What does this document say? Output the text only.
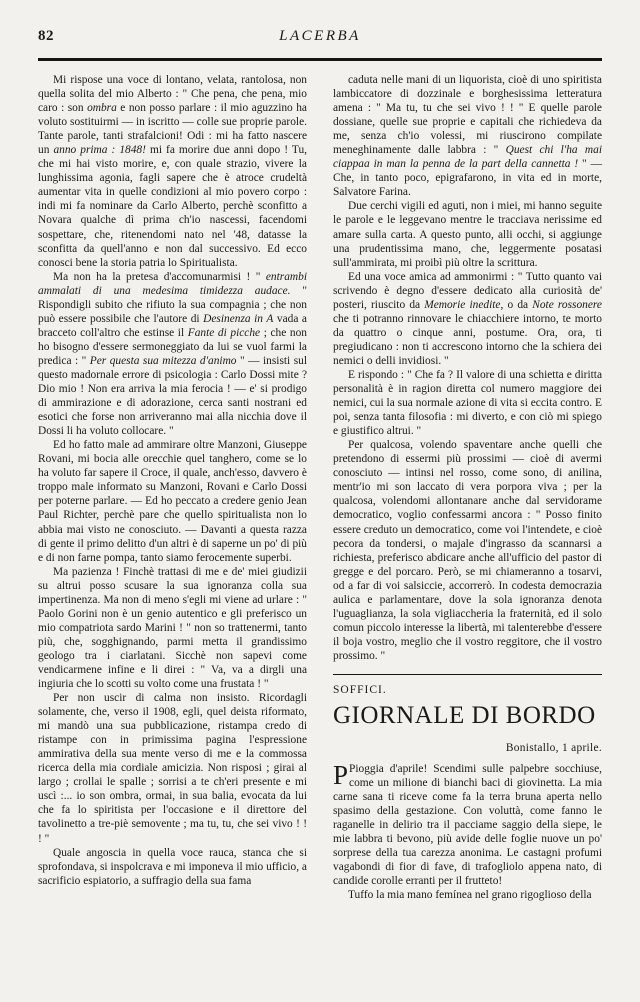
82	LACERBA

Mi rispose una voce di lontano, velata, rantolosa, non quella solita del mio Alberto : " Che pena, che pena, mio caro : son ombra e non posso parlare : il mio aguzzino ha voluto sostituirmi — in iscritto — colle sue proprie parole. Tante parole, tanti strafalcioni! Odi : mi ha fatto nascere un anno prima : 1848! mi fa morire due anni dopo ! Tu, che mi hai visto morire, e, con quale strazio, vivere la lunghissima agonia, fagli sapere che è atroce crudeltà aumentar vita in quelle condizioni al mio povero corpo : indi mi fa nominare da Carlo Alberto, perchè sconfitto a Novara qualche dì prima ch'io nascessi, facendomi sospettare, che, ritenendomi nato nel '48, datasse la sconfitta da quell'anno e non dal successivo. Ed ecco conosci bene la storia patria lo Spiritualista.

Ma non ha la pretesa d'accomunarmisi ! " entrambi ammalati di una medesima timidezza audace. " Rispondigli subito che rifiuto la sua compagnia ; che non può essere possibile che l'autore di Desinenza in A vada a bracceto coll'altro che estinse il Fante di picche ; che non ho bisogno d'essere sermoneggiato da lui se vuol farmi la predica : " Per questa sua mitezza d'animo " — insisti sul questo madornale errore di psicologia : Carlo Dossi mite ? Dio mio ! Non era arriva la mia ferocia ! — e' si prodigo di ammirazione e di adorazione, cerca santi nostrani ed esotici che forse non arriveranno mai alla nicchia dove il Dossi li ha voluto collocare. "

Ed ho fatto male ad ammirare oltre Manzoni, Giuseppe Rovani, mi bocia alle orecchie quel tanghero, come se lo ha voluto far sapere il Croce, il quale, anch'esso, davvero è troppo male informato su Manzoni, Rovani e Carlo Dossi per poterne parlare. — Ed ho peccato a credere genio Jean Paul Richter, perchè pare che quello spiritualista non lo abbia mai visto ne conosciuto. — Davanti a questa razza di gente il primo delitto d'un altri è di saperne un po' di più e di non farne pompa, tanto siamo ferocemente superbi.

Ma pazienza ! Finchè trattasi di me e de' miei giudizii su altrui posso scusare la sua ignoranza colla sua impertinenza. Ma non di meno s'egli mi viene ad urlare : " Paolo Gorini non è un genio autentico e gli preferisco un mio compatriota sardo Marini ! " non so trattenermi, tanto più, che, sogghignando, parmi metta il grandissimo geologo tra i ciarlatani. Sicchè non sapevi come vendicarmene infine e li direi : " Va, va a dirgli una ingiuria che lo scotti su volto come una frustata ! "

Per non uscir di calma non insisto. Ricordagli solamente, che, verso il 1908, egli, quel deista riformato, mi mandò una sua pubblicazione, ristampa credo di ristampe con in primissima pagina l'espressione ammirativa della sua mente verso di me e la commossa ricerca della mia cordiale amicizia. Non risposi ; girai al largo ; crollai le spalle ; sorrisi a te ch'eri presente e mi uscì :... io son ombra, ormai, in sua balia, evocata da lui che fa lo spiritista per l'occasione e il direttore del tavolinetto a tre-piè semovente ; ma tu, tu, che sei vivo ! ! ! "

Quale angoscia in quella voce rauca, stanca che si sprofondava, si inspolcrava e mi imponeva il mio ufficio, a sacrificio espiatorio, a suffragio della sua fama

caduta nelle mani di un liquorista, cioè di uno spiritista lambiccatore di dozzinale e borghesissima letteratura amena : " Ma tu, tu che sei vivo ! ! " E quelle parole dossiane, quelle sue proprie e capitali che richiedeva da me, senza ch'io volessi, mi riuscirono compilate meneghinamente dalle labbra : " Quest chi l'ha mai ciappaa in man la penna de la part della cannetta ! " — Che, in tanto poco, epigrafarono, in vita ed in morte, Salvatore Farina.

Due cerchi vigili ed aguti, non i miei, mi hanno seguite le parole e le leggevano mentre le tracciava nerissime ed amare sulla carta. A questo punto, alli occhi, si aggiunge una prudentissima mano, che, leggermente posatasi sull'ammirata, mi proibì più oltre la scrittura.

Ed una voce amica ad ammonirmi : " Tutto quanto vai scrivendo è degno d'essere dedicato alla curiosità de' posteri, riuscito da Memorie inedite, o da Note rossonere che ti potranno rinnovare le chiacchiere intorno, te morto da quattro o cinque anni, postume. Ora, ora, ti pregiudicano : non ti accrescono intorno che la schiera dei nemici o delli invidiosi. "

E rispondo : " Che fa ? Il valore di una schietta e diritta personalità è in ragion diretta col numero maggiore dei nemici, cui la sua normale azione di vita si eccita contro. E poi, senza tanta filosofia : mi diverto, e con ciò mi spiego e giustifico altrui. "

Per qualcosa, volendo spaventare anche quelli che pretendono di essermi più prossimi — cioè di avermi conosciuto — intinsi nel rosso, come sono, di anilina, mentr'io mi son laccato di vera porpora viva ; per la qualcosa, volendomi allontanare anche dal servidorame democratico, voglio confessarmi ancora : " Posso finito essere creduto un democratico, come voi l'intendete, e cioè pecora da tondersi, o majale d'ingrasso da scannarsi a richiesta, preferisco abdicare anche all'ufficio del pastor di gregge e del porcaro. Però, se mi chiameranno a tosarvi, od a far di voi salsiccie, accorrerò. In codesta democrazia aulica e parlamentare, dove la sola ignoranza denota l'uguaglianza, la sola vigliaccheria la fraternità, ed il solo comun piccolo interesse la libertà, mi talenterebbe d'essere il boja vostro, meglio che il vostro reggitore, che il vostro prossimo. "

SOFFICI.

GIORNALE DI BORDO

Bonistallo, 1 aprile.

P Pioggia d'aprile! Scendimi sulle palpebre socchiuse, come un milione di bianchi baci di giovinetta. La mia carne sana ti riceve come fa la terra bruna aperta nello spasimo della gestazione. Con voluttà, come fanno le raganelle in delirio tra il pacciame saggio della siepe, le mie labbra ti bevono, più avide delle foglie nuove un po' sorprese della tua carezza anonima. Le castagni profumi vagabondi di fior di fave, di trafogliolo appena nato, di candide corolle erranti per il frutteto!

Tuffo la mia mano femínea nel grano rigoglioso della
